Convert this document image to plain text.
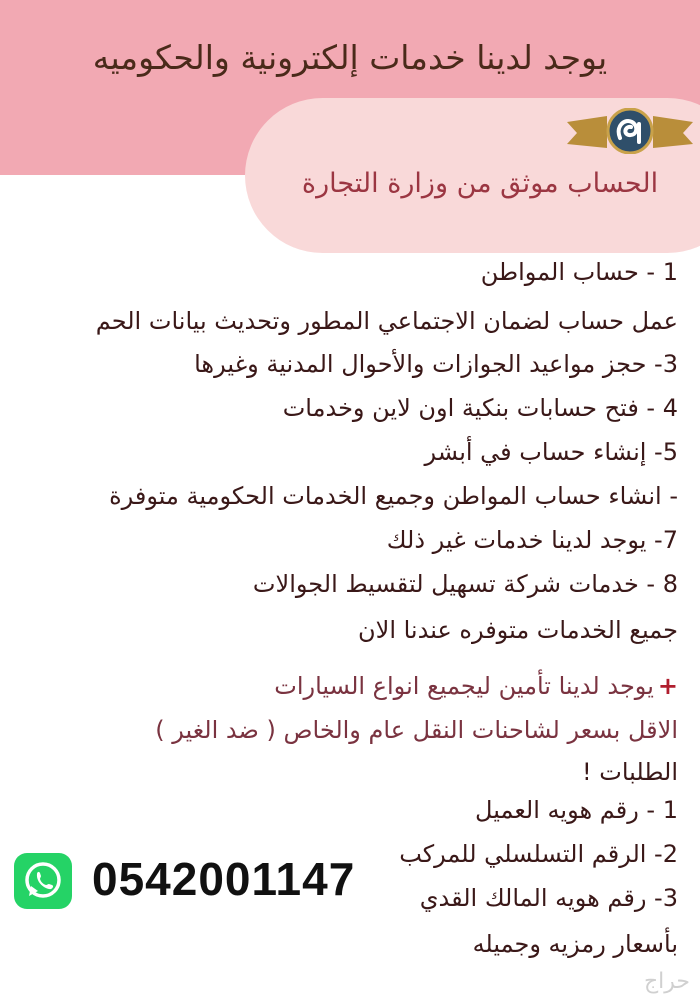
يوجد لدينا خدمات إلكترونية والحكوميه
الحساب موثق من وزارة التجارة
1 - حساب المواطن
عمل حساب لضمان الاجتماعي المطور وتحديث بيانات الحم
3- حجز مواعيد الجوازات والأحوال المدنية وغيرها
4 - فتح حسابات بنكية اون لاين وخدمات
5- إنشاء حساب في أبشر
- انشاء حساب المواطن وجميع الخدمات الحكومية متوفرة
7- يوجد لدينا خدمات غير ذلك
8 - خدمات شركة تسهيل لتقسيط الجوالات
جميع الخدمات متوفره عندنا الان
+يوجد لدينا تأمين ليجميع انواع السيارات
الاقل بسعر لشاحنات النقل عام والخاص ( ضد الغير )
الطلبات !
1 - رقم هويه العميل
2- الرقم التسلسلي للمركب
3- رقم هويه المالك القدي
بأسعار رمزيه وجميله
0542001147
حراج
